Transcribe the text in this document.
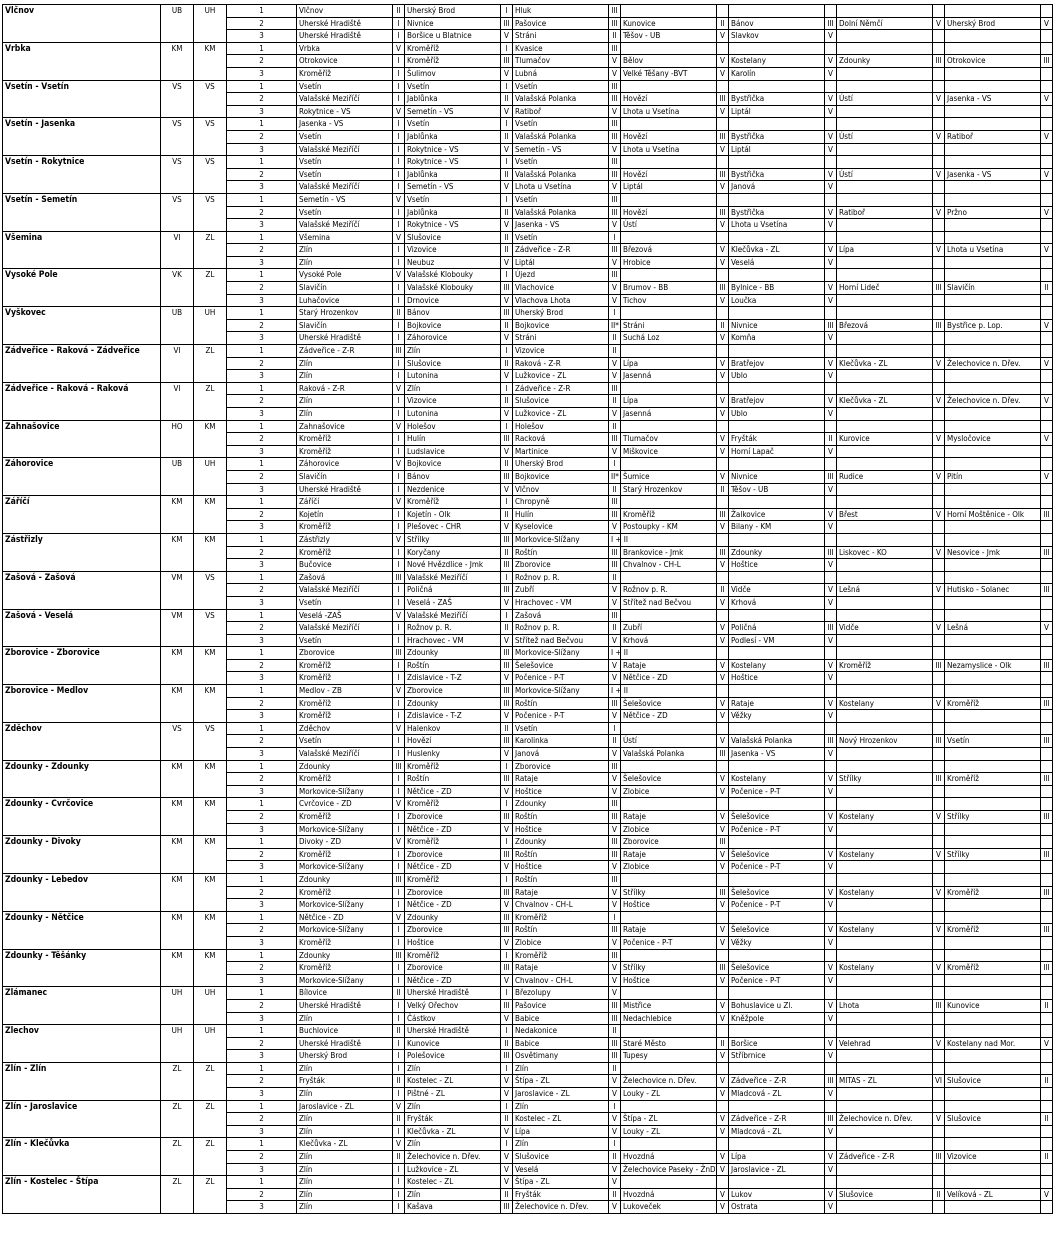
Vlčnov	UB	UH	1	Vlčnov	II	Uherský Brod	I	Hluk	III								
			2	Uherské Hradiště	I	Nivnice	III	Pašovice	III	Kunovice	II	Bánov	III	Dolní Němčí	V	Uherský Brod	V
			3	Uherské Hradiště	I	Boršice u Blatnice	V	Stráni	II	Těšov - UB	V	Slavkov	V				
Vrbka	KM	KM	1	Vrbka	V	Kroměříž	I	Kvasice	III								
			2	Otrokovice	I	Kroměříž	III	Tlumačov	V	Bělov	V	Kostelany	V	Zdounky	III	Otrokovice	III
			3	Kroměříž	I	Šulimov	V	Lubná	V	Velké Těšany -BVT	V	Karolín	V				
Vsetín - Vsetín	VS	VS	1	Vsetín	I	Vsetín	I	Vsetín	III								
			2	Valašské Meziříčí	I	Jablůnka	II	Valašská Polanka	III	Hovězí	III	Bystřička	V	Ústí	V	Jasenka - VS	V
			3	Rokytnice - VS	V	Semetín - VS	V	Ratiboř	V	Lhota u Vsetína	V	Liptál	V				
Vsetín - Jasenka	VS	VS	1	Jasenka - VS	I	Vsetín	I	Vsetín	III								
			2	Vsetín	I	Jablůnka	II	Valašská Polanka	III	Hovězí	III	Bystřička	V	Ústí	V	Ratiboř	V
			3	Valašské Meziříčí	I	Rokytnice - VS	V	Semetín - VS	V	Lhota u Vsetína	V	Liptál	V				
Vsetín - Rokytnice	VS	VS	1	Vsetín	I	Rokytnice - VS	I	Vsetín	III								
			2	Vsetín	I	Jablůnka	II	Valašská Polanka	III	Hovězí	III	Bystřička	V	Ústí	V	Jasenka - VS	V
			3	Valašské Meziříčí	I	Semetín - VS	V	Lhota u Vsetína	V	Liptál	V	Janová	V				
Vsetín - Semetín	VS	VS	1	Semetín - VS	V	Vsetín	I	Vsetín	III								
			2	Vsetín	I	Jablůnka	II	Valašská Polanka	III	Hovězí	III	Bystřička	V	Ratiboř	V	Pržno	V
			3	Valašské Meziříčí	I	Rokytnice - VS	V	Jasenka - VS	V	Ústí	V	Lhota u Vsetína	V				
Všemina	VI	ZL	1	Všemina	V	Slušovice	II	Vsetín	I								
			2	Zlín	I	Vizovice	II	Zádveřice - Z-R	III	Březová	V	Klečůvka - ZL	V	Lípa	V	Lhota u Vsetína	V
			3	Zlín	I	Neubuz	V	Liptál	V	Hrobice	V	Veselá	V				
Vysoké Pole	VK	ZL	1	Vysoké Pole	V	Valašské Klobouky	I	Újezd	III								
			2	Slavičín	I	Valašské Klobouky	III	Vlachovice	V	Brumov - BB	III	Bylnice - BB	V	Horní Lideč	III	Slavičín	II
			3	Luhačovice	I	Drnovice	V	Vlachova Lhota	V	Tichov	V	Loučka	V				
Vyškovec	UB	UH	1	Starý Hrozenkov	II	Bánov	III	Uherský Brod	I								
			2	Slavičín	I	Bojkovice	II	Bojkovice	II*	Stráni	II	Nivnice	III	Březová	III	Bystřice p. Lop.	V
			3	Uherské Hradiště	I	Záhorovice	V	Stráni	II	Suchá Loz	V	Komňa	V				
Zádveřice - Raková - Zádveřice	VI	ZL	1	Zádveřice - Z-R	III	Zlín	I	Vizovice	II								
			2	Zlín	I	Slušovice	II	Raková - Z-R	V	Lípa	V	Bratřejov	V	Klečůvka - ZL	V	Želechovice n. Dřev.	V
			3	Zlín	I	Lutonina	V	Lužkovice - ZL	V	Jasenná	V	Ublo	V				
Zádveřice - Raková - Raková	VI	ZL	1	Raková - Z-R	V	Zlín	I	Zádveřice - Z-R	III								
			2	Zlín	I	Vizovice	II	Slušovice	II	Lípa	V	Bratřejov	V	Klečůvka - ZL	V	Želechovice n. Dřev.	V
			3	Zlín	I	Lutonina	V	Lužkovice - ZL	V	Jasenná	V	Ublo	V				
Zahnašovice	HO	KM	1	Zahnašovice	V	Holešov	I	Holešov	II								
			2	Kroměříž	I	Hulín	III	Racková	III	Tlumačov	V	Fryšták	II	Kurovice	V	Mysločovice	V
			3	Kroměříž	I	Ludslavice	V	Martinice	V	Miškovice	V	Horní Lapač	V				
Záhorovice	UB	UH	1	Záhorovice	V	Bojkovice	II	Uherský Brod	I								
			2	Slavičín	I	Bánov	III	Bojkovice	II*	Šumice	V	Nivnice	III	Rudice	V	Pitín	V
			3	Uherské Hradiště	I	Nezdenice	V	Vlčnov	II	Starý Hrozenkov	II	Těšov - UB	V				
Záříčí	KM	KM	1	Záříčí	V	Kroměříž	I	Chropyně	III								
			2	Kojetín	I	Kojetín - Olk	II	Hulín	III	Kroměříž	III	Žalkovice	V	Břest	V	Horní Moštěnice - Olk	III
			3	Kroměříž	I	Plešovec - CHR	V	Kyselovice	V	Postoupky - KM	V	Bilany - KM	V				
Zástřizly	KM	KM	1	Zástřizly	V	Střílky	III	Morkovice-Slížany	I + II								
			2	Kroměříž	I	Koryčany	II	Roštín	III	Brankovice - Jmk	III	Zdounky	III	Liskovec - KO	V	Nesovice - Jmk	III
			3	Bučovice	I	Nové Hvězdlice - Jmk	III	Zborovice	III	Chvalnov - CH-L	V	Hoštice	V				
Zašová - Zašová	VM	VS	1	Zašová	III	Valašské Meziříčí	I	Rožnov p. R.	II								
			2	Valašské Meziříčí	I	Poličná	III	Zubří	V	Rožnov p. R.	II	Vidče	V	Lešná	V	Hutisko - Solanec	III
			3	Vsetín	I	Veselá - ZAŠ	V	Hrachovec - VM	V	Střítež nad Bečvou	V	Krhová	V				
Zašová - Veselá	VM	VS	1	Veselá -ZAŠ	V	Valašské Meziříčí	I	Zašová	III								
			2	Valašské Meziříčí	I	Rožnov p. R.	II	Rožnov p. R.	II	Zubří	V	Poličná	III	Vidče	V	Lešná	V
			3	Vsetín	I	Hrachovec - VM	V	Střítež nad Bečvou	V	Krhová	V	Podlesí - VM	V				
Zborovice - Zborovice	KM	KM	1	Zborovice	III	Zdounky	III	Morkovice-Slížany	I + II								
			2	Kroměříž	I	Roštín	III	Šelešovice	V	Rataje	V	Kostelany	V	Kroměříž	III	Nezamyslice - Olk	III
			3	Kroměříž	I	Zdislavice - T-Z	V	Počenice - P-T	V	Nětčice - ZD	V	Hoštice	V				
Zborovice - Medlov	KM	KM	1	Medlov - ZB	V	Zborovice	III	Morkovice-Slížany	I + II								
			2	Kroměříž	I	Zdounky	III	Roštín	III	Šelešovice	V	Rataje	V	Kostelany	V	Kroměříž	III
			3	Kroměříž	I	Zdislavice - T-Z	V	Počenice - P-T	V	Nětčice - ZD	V	Věžky	V				
Zděchov	VS	VS	1	Zděchov	V	Halenkov	II	Vsetín	I								
			2	Vsetín	I	Hovězí	III	Karolinka	II	Ústí	V	Valašská Polanka	III	Nový Hrozenkov	III	Vsetín	III
			3	Valašské Meziříčí	I	Huslenky	V	Janová	V	Valašská Polanka	III	Jasenka - VS	V				
Zdounky - Zdounky	KM	KM	1	Zdounky	III	Kroměříž	I	Zborovice	III								
			2	Kroměříž	I	Roštín	III	Rataje	V	Šelešovice	V	Kostelany	V	Střílky	III	Kroměříž	III
			3	Morkovice-Slížany	I	Nětčice - ZD	V	Hoštice	V	Zlobice	V	Počenice - P-T	V				
Zdounky - Cvrčovice	KM	KM	1	Cvrčovice - ZD	V	Kroměříž	I	Zdounky	III								
			2	Kroměříž	I	Zborovice	III	Roštín	III	Rataje	V	Šelešovice	V	Kostelany	V	Střílky	III
			3	Morkovice-Slížany	I	Nětčice - ZD	V	Hoštice	V	Zlobice	V	Počenice - P-T	V				
Zdounky - Divoky	KM	KM	1	Divoky - ZD	V	Kroměříž	I	Zdounky	III	Zborovice	III						
			2	Kroměříž	I	Zborovice	III	Roštín	III	Rataje	V	Šelešovice	V	Kostelany	V	Střílky	III
			3	Morkovice-Slížany	I	Nětčice - ZD	V	Hoštice	V	Zlobice	V	Počenice - P-T	V				
Zdounky - Lebedov	KM	KM	1	Zdounky	III	Kroměříž	I	Roštín	III								
			2	Kroměříž	I	Zborovice	III	Rataje	V	Střílky	III	Šelešovice	V	Kostelany	V	Kroměříž	III
			3	Morkovice-Slížany	I	Nětčice - ZD	V	Chvalnov - CH-L	V	Hoštice	V	Počenice - P-T	V				
Zdounky - Nětčice	KM	KM	1	Nětčice - ZD	V	Zdounky	III	Kroměříž	I								
			2	Morkovice-Slížany	I	Zborovice	III	Roštín	III	Rataje	V	Šelešovice	V	Kostelany	V	Kroměříž	III
			3	Kroměříž	I	Hoštice	V	Zlobice	V	Počenice - P-T	V	Věžky	V				
Zdounky - Těšánky	KM	KM	1	Zdounky	III	Kroměříž	I	Kroměříž	III								
			2	Kroměříž	I	Zborovice	III	Rataje	V	Střílky	III	Šelešovice	V	Kostelany	V	Kroměříž	III
			3	Morkovice-Slížany	I	Nětčice - ZD	V	Chvalnov - CH-L	V	Hoštice	V	Počenice - P-T	V				
Zlámanec	UH	UH	1	Bílovice	II	Uherské Hradiště	I	Březolupy	V								
			2	Uherské Hradiště	I	Velký Ořechov	III	Pašovice	III	Mistřice	V	Bohuslavice u Zl.	V	Lhota	III	Kunovice	II
			3	Zlín	I	Částkov	V	Babice	III	Nedachlebice	V	Kněžpole	V				
Zlechov	UH	UH	1	Buchlovice	II	Uherské Hradiště	I	Nedakonice	II								
			2	Uherské Hradiště	I	Kunovice	II	Babice	III	Staré Město	II	Boršice	V	Velehrad	V	Kostelany nad Mor.	V
			3	Uherský Brod	I	Polešovice	III	Osvětimany	III	Tupesy	V	Stříbrnice	V				
Zlín - Zlín	ZL	ZL	1	Zlín	I	Zlín	I	Zlín	II								
			2	Fryšták	II	Kostelec - ZL	V	Štípa - ZL	V	Želechovice n. Dřev.	V	Zádveřice - Z-R	III	MITAS - ZL	VI	Slušovice	II
			3	Zlín	I	Pištné - ZL	V	Jaroslavice - ZL	V	Louky - ZL	V	Mladcová - ZL	V				
Zlín - Jaroslavice	ZL	ZL	1	Jaroslavice - ZL	V	Zlín	I	Zlín	I								
			2	Zlín	II	Fryšták	II	Kostelec - ZL	V	Štípa - ZL	V	Zádveřice - Z-R	III	Želechovice n. Dřev.	V	Slušovice	II
			3	Zlín	I	Klečůvka - ZL	V	Lípa	V	Louky - ZL	V	Mladcová - ZL	V				
Zlín - Klečůvka	ZL	ZL	1	Klečůvka - ZL	V	Zlín	I	Zlín	I								
			2	Zlín	II	Želechovice n. Dřev.	V	Slušovice	II	Hvozdná	V	Lípa	V	Zádveřice - Z-R	III	Vizovice	II
			3	Zlín	I	Lužkovice - ZL	V	Veselá	V	Želechovice Paseky - ŽnD	V	Jaroslavice - ZL	V				
Zlín - Kostelec - Štípa	ZL	ZL	1	Zlín	I	Kostelec - ZL	V	Štípa - ZL	V								
			2	Zlín	I	Zlín	II	Fryšták	II	Hvozdná	V	Lukov	V	Slušovice	II	Velíková - ZL	V
			3	Zlín	I	Kašava	III	Želechovice n. Dřev.	V	Lukoveček	V	Ostrata	V				
